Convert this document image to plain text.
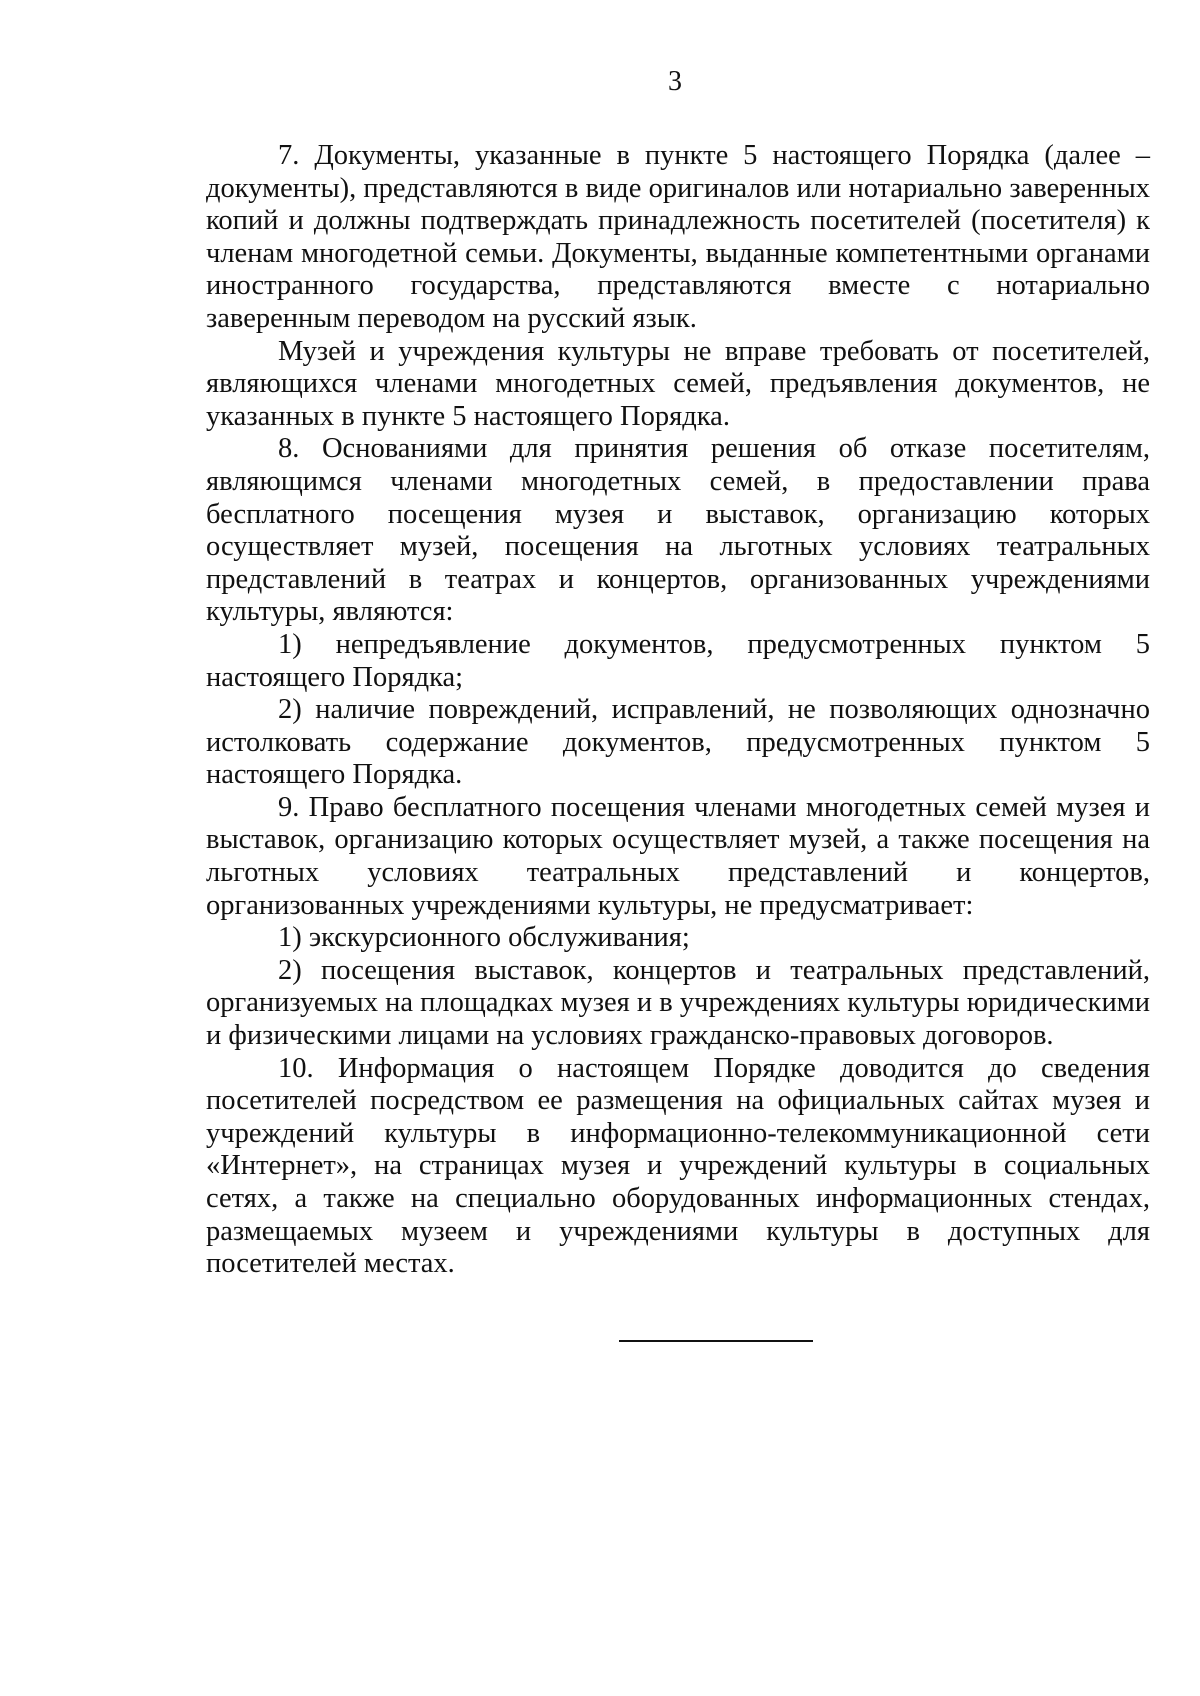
3

7. Документы, указанные в пункте 5 настоящего Порядка (далее – документы), представляются в виде оригиналов или нотариально заверенных копий и должны подтверждать принадлежность посетителей (посетителя) к членам многодетной семьи. Документы, выданные компетентными органами иностранного государства, представляются вместе с нотариально заверенным переводом на русский язык.

Музей и учреждения культуры не вправе требовать от посетителей, являющихся членами многодетных семей, предъявления документов, не указанных в пункте 5 настоящего Порядка.

8. Основаниями для принятия решения об отказе посетителям, являющимся членами многодетных семей, в предоставлении права бесплатного посещения музея и выставок, организацию которых осуществляет музей, посещения на льготных условиях театральных представлений в театрах и концертов, организованных учреждениями культуры, являются:

1) непредъявление документов, предусмотренных пунктом 5 настоящего Порядка;

2) наличие повреждений, исправлений, не позволяющих однозначно истолковать содержание документов, предусмотренных пунктом 5 настоящего Порядка.

9. Право бесплатного посещения членами многодетных семей музея и выставок, организацию которых осуществляет музей, а также посещения на льготных условиях театральных представлений и концертов, организованных учреждениями культуры, не предусматривает:

1) экскурсионного обслуживания;

2) посещения выставок, концертов и театральных представлений, организуемых на площадках музея и в учреждениях культуры юридическими и физическими лицами на условиях гражданско-правовых договоров.

10. Информация о настоящем Порядке доводится до сведения посетителей посредством ее размещения на официальных сайтах музея и учреждений культуры в информационно-телекоммуникационной сети «Интернет», на страницах музея и учреждений культуры в социальных сетях, а также на специально оборудованных информационных стендах, размещаемых музеем и учреждениями культуры в доступных для посетителей местах.
